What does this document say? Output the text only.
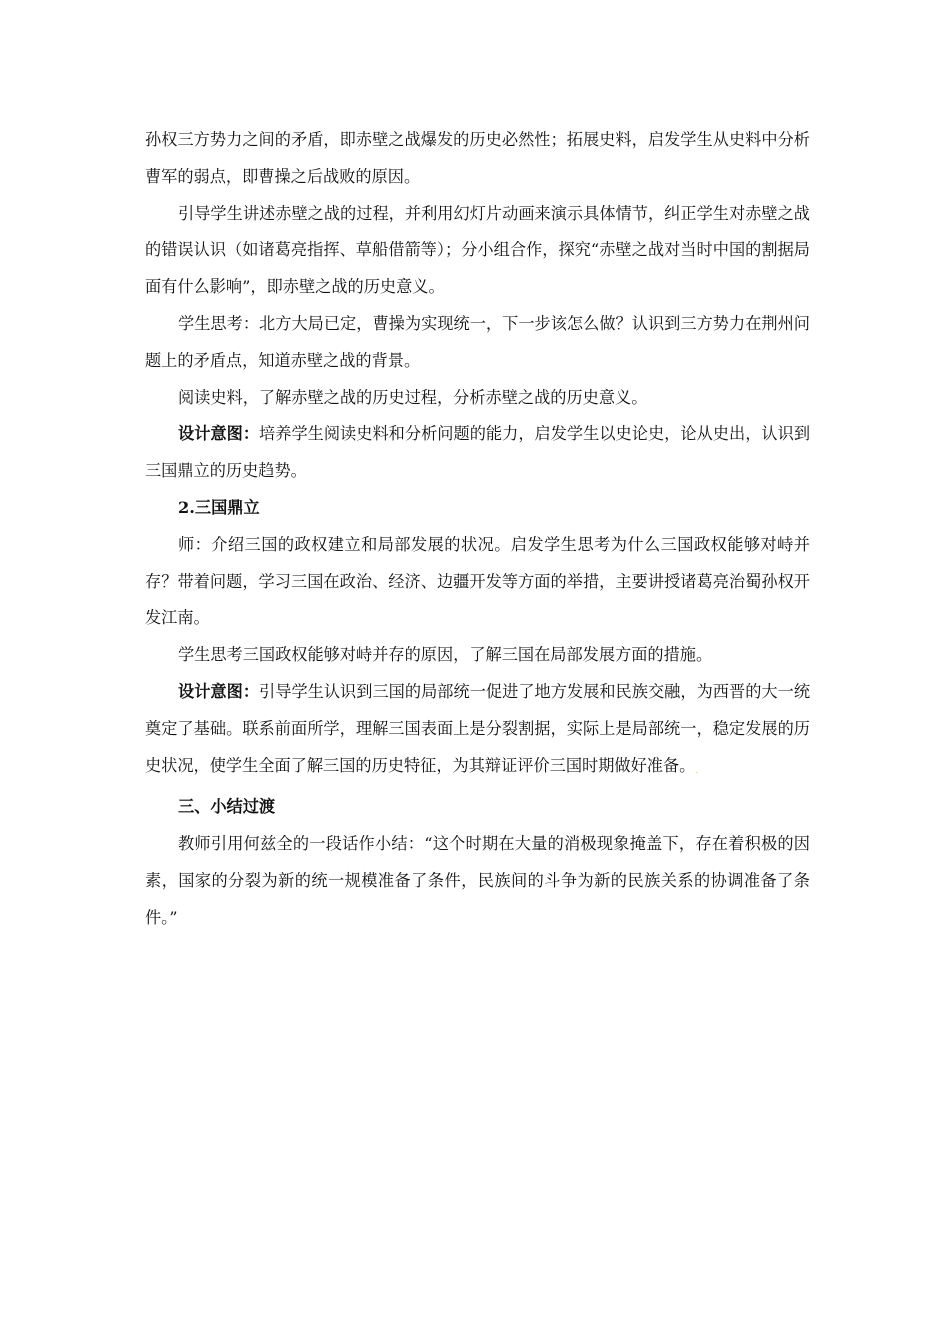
孙权三方势力之间的矛盾，即赤壁之战爆发的历史必然性；拓展史料，启发学生从史料中分析曹军的弱点，即曹操之后战败的原因。

引导学生讲述赤壁之战的过程，并利用幻灯片动画来演示具体情节，纠正学生对赤壁之战的错误认识（如诸葛亮指挥、草船借箭等）；分小组合作，探究“赤壁之战对当时中国的割据局面有什么影响”，即赤壁之战的历史意义。

学生思考：北方大局已定，曹操为实现统一，下一步该怎么做？认识到三方势力在荆州问题上的矛盾点，知道赤壁之战的背景。

阅读史料，了解赤壁之战的历史过程，分析赤壁之战的历史意义。

设计意图：培养学生阅读史料和分析问题的能力，启发学生以史论史，论从史出，认识到三国鼎立的历史趋势。

2.三国鼎立

师：介绍三国的政权建立和局部发展的状况。启发学生思考为什么三国政权能够对峙并存？带着问题，学习三国在政治、经济、边疆开发等方面的举措，主要讲授诸葛亮治蜀孙权开发江南。

学生思考三国政权能够对峙并存的原因，了解三国在局部发展方面的措施。

设计意图：引导学生认识到三国的局部统一促进了地方发展和民族交融，为西晋的大一统奠定了基础。联系前面所学，理解三国表面上是分裂割据，实际上是局部统一，稳定发展的历史状况，使学生全面了解三国的历史特征，为其辩证评价三国时期做好准备。.

三、小结过渡

教师引用何兹全的一段话作小结：“这个时期在大量的消极现象掩盖下，存在着积极的因素，国家的分裂为新的统一规模准备了条件，民族间的斗争为新的民族关系的协调准备了条件。”
